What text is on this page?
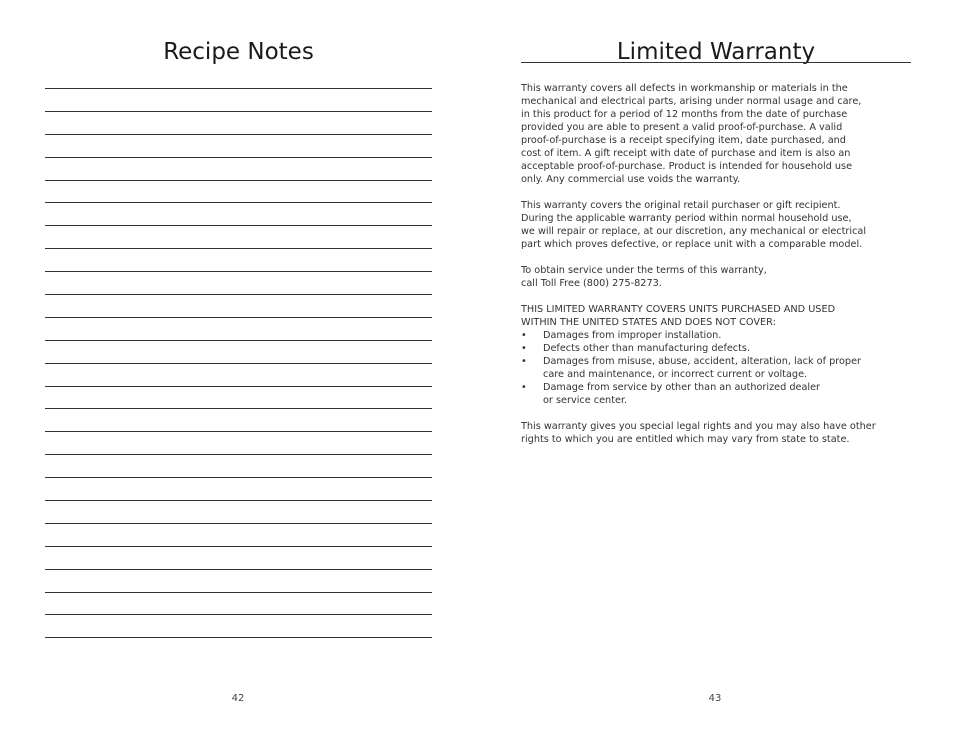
Recipe Notes
42
Limited Warranty

This warranty covers all defects in workmanship or materials in the
mechanical and electrical parts, arising under normal usage and care,
in this product for a period of 12 months from the date of purchase
provided you are able to present a valid proof-of-purchase. A valid
proof-of-purchase is a receipt specifying item, date purchased, and
cost of item. A gift receipt with date of purchase and item is also an
acceptable proof-of-purchase. Product is intended for household use
only. Any commercial use voids the warranty.

This warranty covers the original retail purchaser or gift recipient.
During the applicable warranty period within normal household use,
we will repair or replace, at our discretion, any mechanical or electrical
part which proves defective, or replace unit with a comparable model.

To obtain service under the terms of this warranty,
call Toll Free (800) 275-8273.

THIS LIMITED WARRANTY COVERS UNITS PURCHASED AND USED
WITHIN THE UNITED STATES AND DOES NOT COVER:

• Damages from improper installation.
• Defects other than manufacturing defects.
• Damages from misuse, abuse, accident, alteration, lack of proper
care and maintenance, or incorrect current or voltage.
• Damage from service by other than an authorized dealer
or service center.

This warranty gives you special legal rights and you may also have other
rights to which you are entitled which may vary from state to state.

43
